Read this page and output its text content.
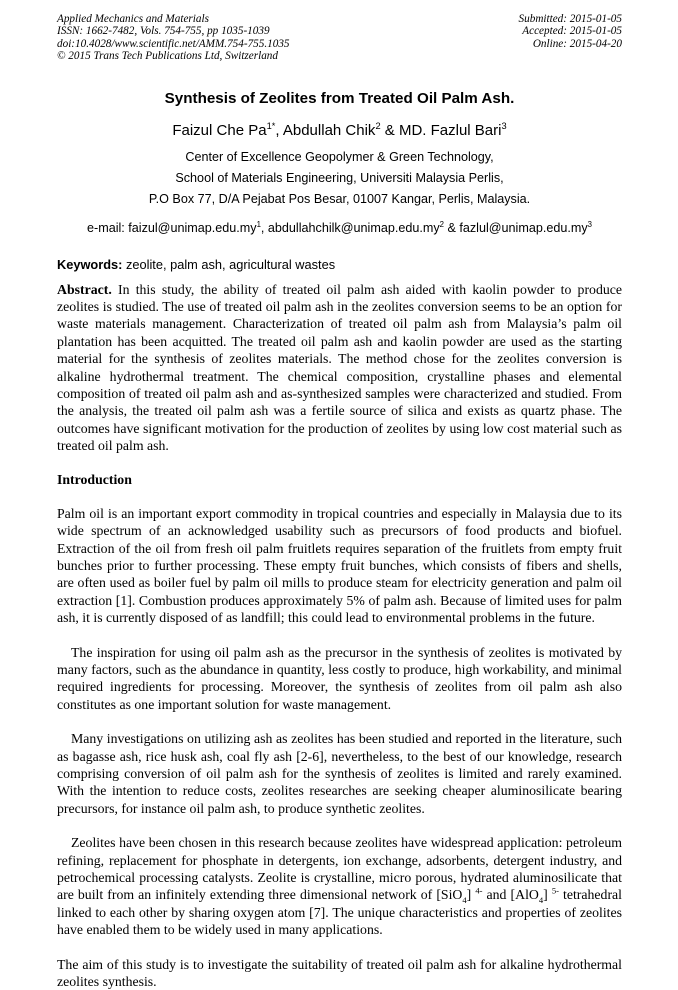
Applied Mechanics and Materials
ISSN: 1662-7482, Vols. 754-755, pp 1035-1039
doi:10.4028/www.scientific.net/AMM.754-755.1035
© 2015 Trans Tech Publications Ltd, Switzerland
Submitted: 2015-01-05
Accepted: 2015-01-05
Online: 2015-04-20
Synthesis of Zeolites from Treated Oil Palm Ash.

Faizul Che $Pa^{1*}$, Abdullah Chik$^2$ & MD. Fazlul Bari$^3$

Center of Excellence Geopolymer & Green Technology,

School of Materials Engineering, Universiti Malaysia Perlis,

P.O Box 77, D/A Pejabat Pos Besar, 01007 Kangar, Perlis, Malaysia.

e-mail: $faizul@unimap.edu.my^1$, $abdullahchilk@unimap.edu.my^2$ & $fazlul@unimap.edu.my^3$

Keywords: zeolite, palm ash, agricultural wastes

Abstract. In this study, the ability of treated oil palm ash aided with kaolin powder to produce zeolites is studied. The use of treated oil palm ash in the zeolites conversion seems to be an option for waste materials management. Characterization of treated oil palm ash from Malaysia’s palm oil plantation has been acquitted. The treated oil palm ash and kaolin powder are used as the starting material for the synthesis of zeolites materials. The method chose for the zeolites conversion is alkaline hydrothermal treatment. The chemical composition, crystalline phases and elemental composition of treated oil palm ash and as-synthesized samples were characterized and studied. From the analysis, the treated oil palm ash was a fertile source of silica and exists as quartz phase. The outcomes have significant motivation for the production of zeolites by using low cost material such as treated oil palm ash.

Introduction

Palm oil is an important export commodity in tropical countries and especially in Malaysia due to its wide spectrum of an acknowledged usability such as precursors of food products and biofuel. Extraction of the oil from fresh oil palm fruitlets requires separation of the fruitlets from empty fruit bunches prior to further processing. These empty fruit bunches, which consists of fibers and shells, are often used as boiler fuel by palm oil mills to produce steam for electricity generation and palm oil extraction [1]. Combustion produces approximately 5% of palm ash. Because of limited uses for palm ash, it is currently disposed of as landfill; this could lead to environmental problems in the future.

The inspiration for using oil palm ash as the precursor in the synthesis of zeolites is motivated by many factors, such as the abundance in quantity, less costly to produce, high workability, and minimal required ingredients for processing. Moreover, the synthesis of zeolites from oil palm ash also constitutes as one important solution for waste management.

Many investigations on utilizing ash as zeolites has been studied and reported in the literature, such as bagasse ash, rice husk ash, coal fly ash [2-6], nevertheless, to the best of our knowledge, research comprising conversion of oil palm ash for the synthesis of zeolites is limited and rarely examined. With the intention to reduce costs, zeolites researches are seeking cheaper aluminosilicate bearing precursors, for instance oil palm ash, to produce synthetic zeolites.

Zeolites have been chosen in this research because zeolites have widespread application: petroleum refining, replacement for phosphate in detergents, ion exchange, adsorbents, detergent industry, and petrochemical processing catalysts. Zeolite is crystalline, micro porous, hydrated aluminosilicate that are built from an infinitely extending three dimensional network of [SiO$_4$] $^{4-}$ and [AlO$_4$] $^{5-}$ tetrahedral linked to each other by sharing oxygen atom [7]. The unique characteristics and properties of zeolites have enabled them to be widely used in many applications.

The aim of this study is to investigate the suitability of treated oil palm ash for alkaline hydrothermal zeolites synthesis.
